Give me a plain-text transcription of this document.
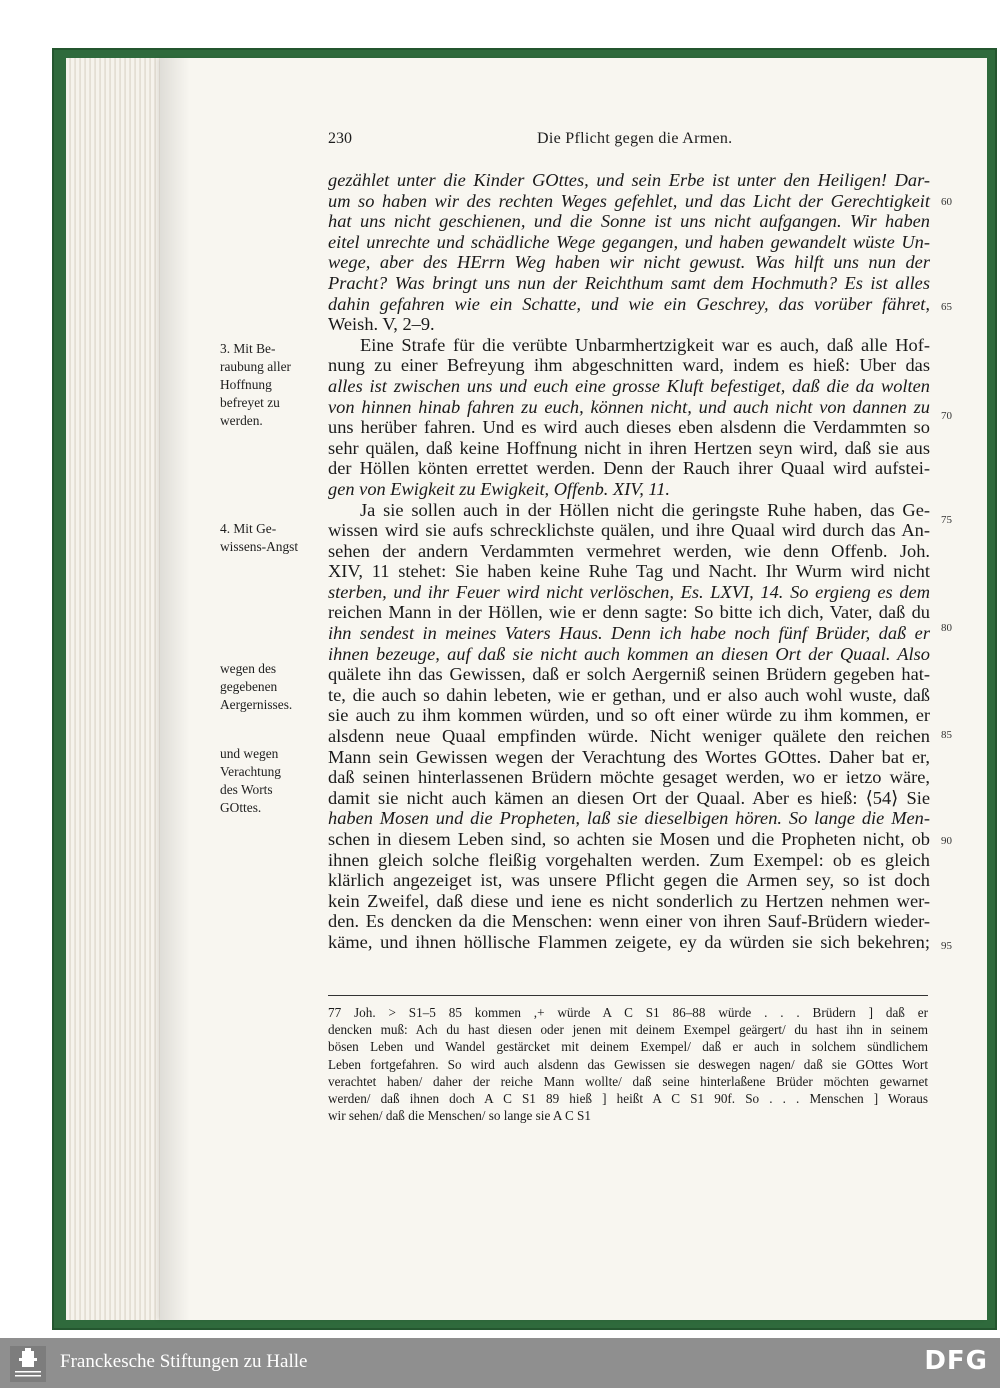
230	Die Pflicht gegen die Armen.
gezählet unter die Kinder GOttes, und sein Erbe ist unter den Heiligen! Dar-
um so haben wir des rechten Weges gefehlet, und das Licht der Gerechtigkeit
hat uns nicht geschienen, und die Sonne ist uns nicht aufgangen. Wir haben
eitel unrechte und schädliche Wege gegangen, und haben gewandelt wüste Un-
wege, aber des HErrn Weg haben wir nicht gewust. Was hilft uns nun der
Pracht? Was bringt uns nun der Reichthum samt dem Hochmuth? Es ist alles
dahin gefahren wie ein Schatte, und wie ein Geschrey, das vorüber fähret,
Weish. V, 2–9.
Eine Strafe für die verübte Unbarmhertzigkeit war es auch, daß alle Hof-
nung zu einer Befreyung ihm abgeschnitten ward, indem es hieß: Uber das
alles ist zwischen uns und euch eine grosse Kluft befestiget, daß die da wolten
von hinnen hinab fahren zu euch, können nicht, und auch nicht von dannen zu
uns herüber fahren. Und es wird auch dieses eben alsdenn die Verdammten so
sehr quälen, daß keine Hoffnung nicht in ihren Hertzen seyn wird, daß sie aus
der Höllen könten errettet werden. Denn der Rauch ihrer Quaal wird aufstei-
gen von Ewigkeit zu Ewigkeit, Offenb. XIV, 11.
Ja sie sollen auch in der Höllen nicht die geringste Ruhe haben, das Ge-
wissen wird sie aufs schrecklichste quälen, und ihre Quaal wird durch das An-
sehen der andern Verdammten vermehret werden, wie denn Offenb. Joh.
XIV, 11 stehet: Sie haben keine Ruhe Tag und Nacht. Ihr Wurm wird nicht
sterben, und ihr Feuer wird nicht verlöschen, Es. LXVI, 14. So ergieng es dem
reichen Mann in der Höllen, wie er denn sagte: So bitte ich dich, Vater, daß du
ihn sendest in meines Vaters Haus. Denn ich habe noch fünf Brüder, daß er
ihnen bezeuge, auf daß sie nicht auch kommen an diesen Ort der Quaal. Also
quälete ihn das Gewissen, daß er solch Aergerniß seinen Brüdern gegeben hat-
te, die auch so dahin lebeten, wie er gethan, und er also auch wohl wuste, daß
sie auch zu ihm kommen würden, und so oft einer würde zu ihm kommen, er
alsdenn neue Quaal empfinden würde. Nicht weniger quälete den reichen
Mann sein Gewissen wegen der Verachtung des Wortes GOttes. Daher bat er,
daß seinen hinterlassenen Brüdern möchte gesaget werden, wo er ietzo wäre,
damit sie nicht auch kämen an diesen Ort der Quaal. Aber es hieß: ⟨54⟩ Sie
haben Mosen und die Propheten, laß sie dieselbigen hören. So lange die Men-
schen in diesem Leben sind, so achten sie Mosen und die Propheten nicht, ob
ihnen gleich solche fleißig vorgehalten werden. Zum Exempel: ob es gleich
klärlich angezeiget ist, was unsere Pflicht gegen die Armen sey, so ist doch
kein Zweifel, daß diese und iene es nicht sonderlich zu Hertzen nehmen wer-
den. Es dencken da die Menschen: wenn einer von ihren Sauf-Brüdern wieder-
käme, und ihnen höllische Flammen zeigete, ey da würden sie sich bekehren;
60
65
70
75
80
85
90
95
3. Mit Be-
raubung aller
Hoffnung
befreyet zu
werden.
4. Mit Ge-
wissens-Angst
wegen des
gegebenen
Aergernisses.
und wegen
Verachtung
des Worts
GOttes.
77 Joh. > S1–5 85 kommen ,+ würde A C S1 86–88 würde . . . Brüdern ] daß er
dencken muß: Ach du hast diesen oder jenen mit deinem Exempel geärgert/ du hast ihn in seinem
bösen Leben und Wandel gestärcket mit deinem Exempel/ daß er auch in solchem sündlichem
Leben fortgefahren. So wird auch alsdenn das Gewissen sie deswegen nagen/ daß sie GOttes Wort
verachtet haben/ daher der reiche Mann wollte/ daß seine hinterlaßene Brüder möchten gewarnet
werden/ daß ihnen doch A C S1 89 hieß ] heißt A C S1 90f. So . . . Menschen ] Woraus
wir sehen/ daß die Menschen/ so lange sie A C S1
Franckesche Stiftungen zu Halle	DFG
